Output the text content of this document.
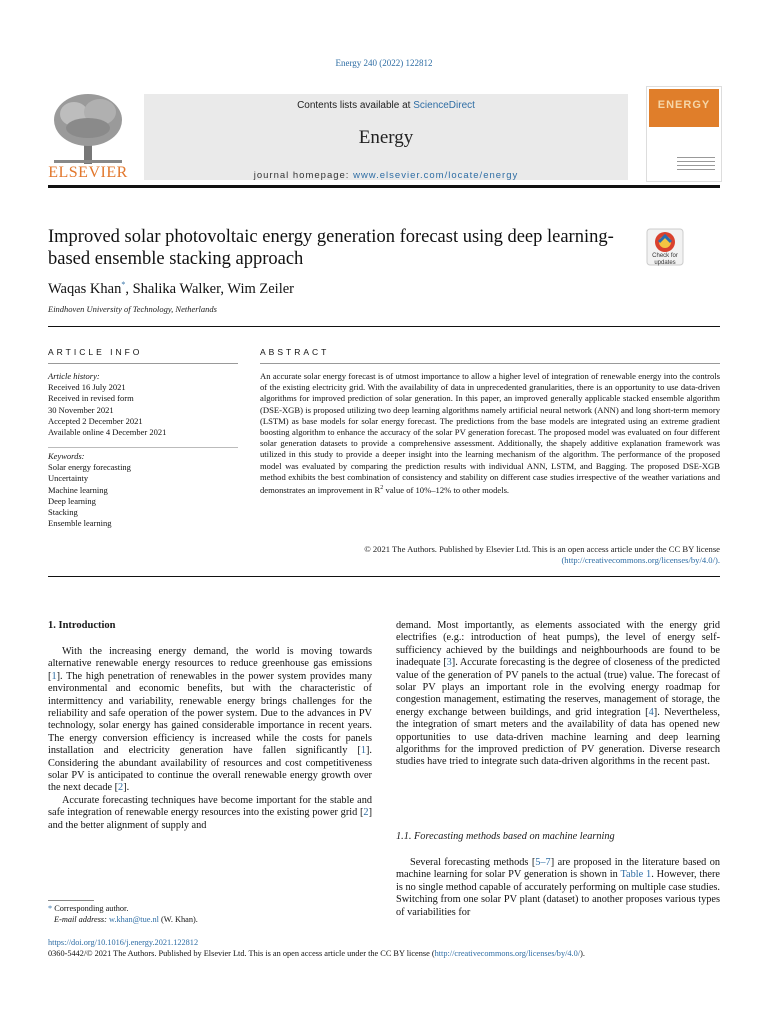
Energy 240 (2022) 122812
ELSEVIER
Contents lists available at ScienceDirect
Energy
journal homepage: www.elsevier.com/locate/energy
ENERGY
Improved solar photovoltaic energy generation forecast using deep learning-based ensemble stacking approach	Check for updates
Waqas Khan*, Shalika Walker, Wim Zeiler
Eindhoven University of Technology, Netherlands
ARTICLE INFO	ABSTRACT
Article history:
Received 16 July 2021
Received in revised form
30 November 2021
Accepted 2 December 2021
Available online 4 December 2021
Keywords:
Solar energy forecasting
Uncertainty
Machine learning
Deep learning
Stacking
Ensemble learning
An accurate solar energy forecast is of utmost importance to allow a higher level of integration of renewable energy into the controls of the existing electricity grid. With the availability of data in unprecedented granularities, there is an opportunity to use data-driven algorithms for improved prediction of solar generation. In this paper, an improved generally applicable stacked ensemble algorithm (DSE-XGB) is proposed utilizing two deep learning algorithms namely artificial neural network (ANN) and long short-term memory (LSTM) as base models for solar energy forecast. The predictions from the base models are integrated using an extreme gradient boosting algorithm to enhance the accuracy of the solar PV generation forecast. The proposed model was evaluated on four different solar generation datasets to provide a comprehensive assessment. Additionally, the shapely additive explanation framework was utilized in this study to provide a deeper insight into the learning mechanism of the algorithm. The performance of the proposed model was evaluated by comparing the prediction results with individual ANN, LSTM, and Bagging. The proposed DSE-XGB method exhibits the best combination of consistency and stability on different case studies irrespective of the weather variations and demonstrates an improvement in $R^2$ value of 10%–12% to other models.
© 2021 The Authors. Published by Elsevier Ltd. This is an open access article under the CC BY license
(http://creativecommons.org/licenses/by/4.0/).
1. Introduction

With the increasing energy demand, the world is moving towards alternative renewable energy resources to reduce greenhouse gas emissions [1]. The high penetration of renewables in the power system provides many environmental and economic benefits, but with the characteristic of intermittency and variability, renewable energy brings challenges for the reliability and safe operation of the power system. Due to the advances in PV technology, solar energy has gained considerable importance in recent years. The energy conversion efficiency is increased while the costs for panels installation and electricity generation have fallen significantly [1]. Considering the abundant availability of resources and cost competitiveness solar PV is anticipated to continue the overall renewable energy growth over the next decade [2].

Accurate forecasting techniques have become important for the stable and safe integration of renewable energy resources into the existing power grid [2] and the better alignment of supply and

demand. Most importantly, as elements associated with the energy grid electrifies (e.g.: introduction of heat pumps), the level of energy self-sufficiency achieved by the buildings and neighbourhoods are found to be inadequate [3]. Accurate forecasting is the degree of closeness of the predicted value of the generation of PV panels to the actual (true) value. The forecast of solar PV plays an important role in the evolving energy roadmap for congestion management, estimating the reserves, management of storage, the energy exchange between buildings, and grid integration [4]. Nevertheless, the integration of smart meters and the availability of data has opened new opportunities to use data-driven machine learning and deep learning algorithms for the improved prediction of PV generation. Diverse research studies have tried to integrate such data-driven algorithms in the recent past.

1.1. Forecasting methods based on machine learning

Several forecasting methods [5–7] are proposed in the literature based on machine learning for solar PV generation is shown in Table 1. However, there is no single method capable of accurately performing on multiple case studies. Switching from one solar PV plant (dataset) to another proposes various types of variabilities for

* Corresponding author.
E-mail address: w.khan@tue.nl (W. Khan).
https://doi.org/10.1016/j.energy.2021.122812
0360-5442/© 2021 The Authors. Published by Elsevier Ltd. This is an open access article under the CC BY license (http://creativecommons.org/licenses/by/4.0/).
